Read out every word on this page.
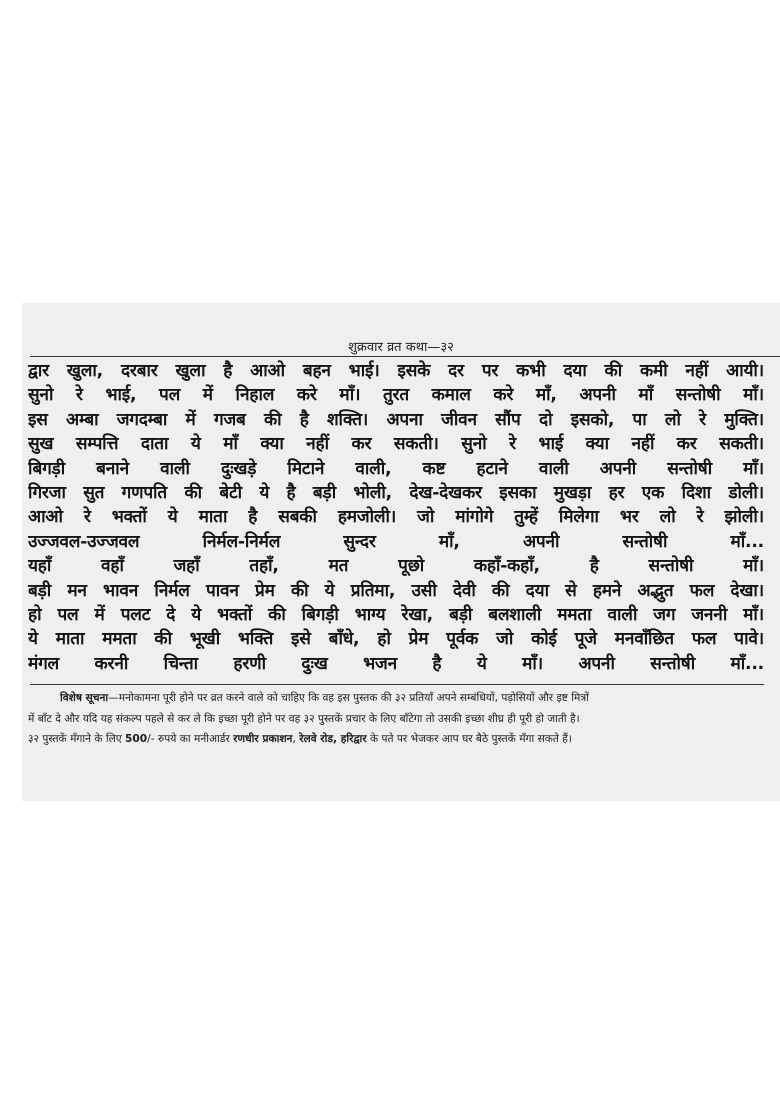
शुक्रवार व्रत कथा—३२
द्वार खुला, दरबार खुला है आओ बहन भाई। इसके दर पर कभी दया की कमी नहीं आयी।
सुनो रे भाई, पल में निहाल करे माँ। तुरत कमाल करे माँ, अपनी माँ सन्तोषी माँ।
इस अम्बा जगदम्बा में गजब की है शक्ति। अपना जीवन सौंप दो इसको, पा लो रे मुक्ति।
सुख सम्पत्ति दाता ये माँ क्या नहीं कर सकती। सुनो रे भाई क्या नहीं कर सकती।
बिगड़ी बनाने वाली दुःखड़े मिटाने वाली, कष्ट हटाने वाली अपनी सन्तोषी माँ।
गिरजा सुत गणपति की बेटी ये है बड़ी भोली, देख-देखकर इसका मुखड़ा हर एक दिशा डोली।
आओ रे भक्तों ये माता है सबकी हमजोली। जो मांगोगे तुम्हें मिलेगा भर लो रे झोली।
उज्जवल-उज्जवल निर्मल-निर्मल सुन्दर माँ, अपनी सन्तोषी माँ...
यहाँ वहाँ जहाँ तहाँ, मत पूछो कहाँ-कहाँ, है सन्तोषी माँ।
बड़ी मन भावन निर्मल पावन प्रेम की ये प्रतिमा, उसी देवी की दया से हमने अद्भुत फल देखा।
हो पल में पलट दे ये भक्तों की बिगड़ी भाग्य रेखा, बड़ी बलशाली ममता वाली जग जननी माँ।
ये माता ममता की भूखी भक्ति इसे बाँधे, हो प्रेम पूर्वक जो कोई पूजे मनवाँछित फल पावे।
मंगल करनी चिन्ता हरणी दुःख भजन है ये माँ। अपनी सन्तोषी माँ...
विशेष सूचना—मनोकामना पूरी होने पर व्रत करने वाले को चाहिए कि वह इस पुस्तक की ३२ प्रतियाँ अपने सम्बंधियों, पड़ोसियों और इष्ट मित्रों
में बाँट दे और यदि यह संकल्प पहले से कर ले कि इच्छा पूरी होने पर वह ३२ पुस्तकें प्रचार के लिए बाँटेगा तो उसकी इच्छा शीघ्र ही पूरी हो जाती है।
३२ पुस्तकें मँगाने के लिए 500/- रुपये का मनीआर्डर रणधीर प्रकाशन, रेलवे रोड, हरिद्वार के पते पर भेजकर आप घर बैठे पुस्तकें मँगा सकते हैं।
